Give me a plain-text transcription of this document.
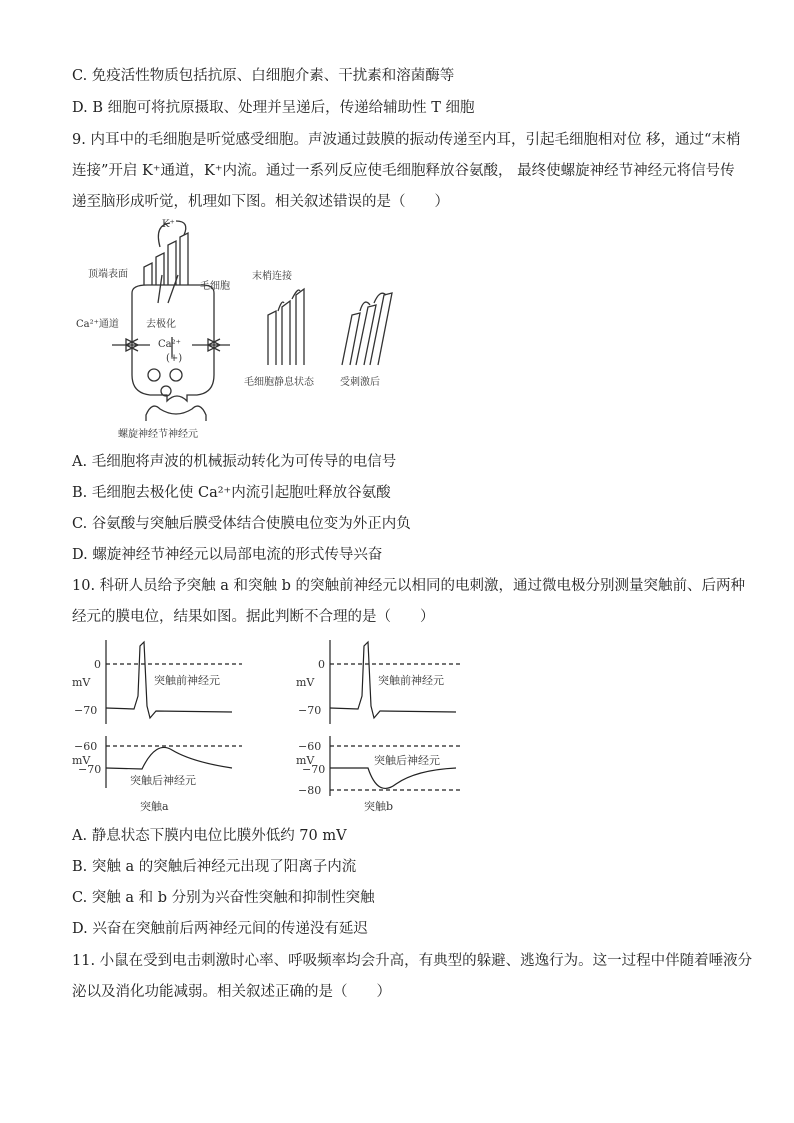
C. 免疫活性物质包括抗原、白细胞介素、干扰素和溶菌酶等
D. B 细胞可将抗原摄取、处理并呈递后，传递给辅助性 T 细胞
9. 内耳中的毛细胞是听觉感受细胞。声波通过鼓膜的振动传递至内耳，引起毛细胞相对位 移，通过“末梢
连接”开启 K⁺通道，K⁺内流。通过一系列反应使毛细胞释放谷氨酸， 最终使螺旋神经节神经元将信号传
递至脑形成听觉，机理如下图。相关叙述错误的是（　　）
K⁺
顶端表面
毛细胞
Ca²⁺通道	去极化
Ca²⁺
(+)
螺旋神经节神经元
末梢连接
毛细胞静息状态	受刺激后
A. 毛细胞将声波的机械振动转化为可传导的电信号
B. 毛细胞去极化使 Ca²⁺内流引起胞吐释放谷氨酸
C. 谷氨酸与突触后膜受体结合使膜电位变为外正内负
D. 螺旋神经节神经元以局部电流的形式传导兴奋
10. 科研人员给予突触 a 和突触 b 的突触前神经元以相同的电刺激，通过微电极分别测量突触前、后两种
经元的膜电位，结果如图。据此判断不合理的是（　　）
0
mV
−70
突触前神经元
−60
mV
−70
突触后神经元
突触a
0
mV
−70
突触前神经元
−60
mV
−70
−80
突触后神经元
突触b
A. 静息状态下膜内电位比膜外低约 70 mV
B. 突触 a 的突触后神经元出现了阳离子内流
C. 突触 a 和 b 分别为兴奋性突触和抑制性突触
D. 兴奋在突触前后两神经元间的传递没有延迟
11. 小鼠在受到电击刺激时心率、呼吸频率均会升高，有典型的躲避、逃逸行为。这一过程中伴随着唾液分
泌以及消化功能减弱。相关叙述正确的是（　　）
